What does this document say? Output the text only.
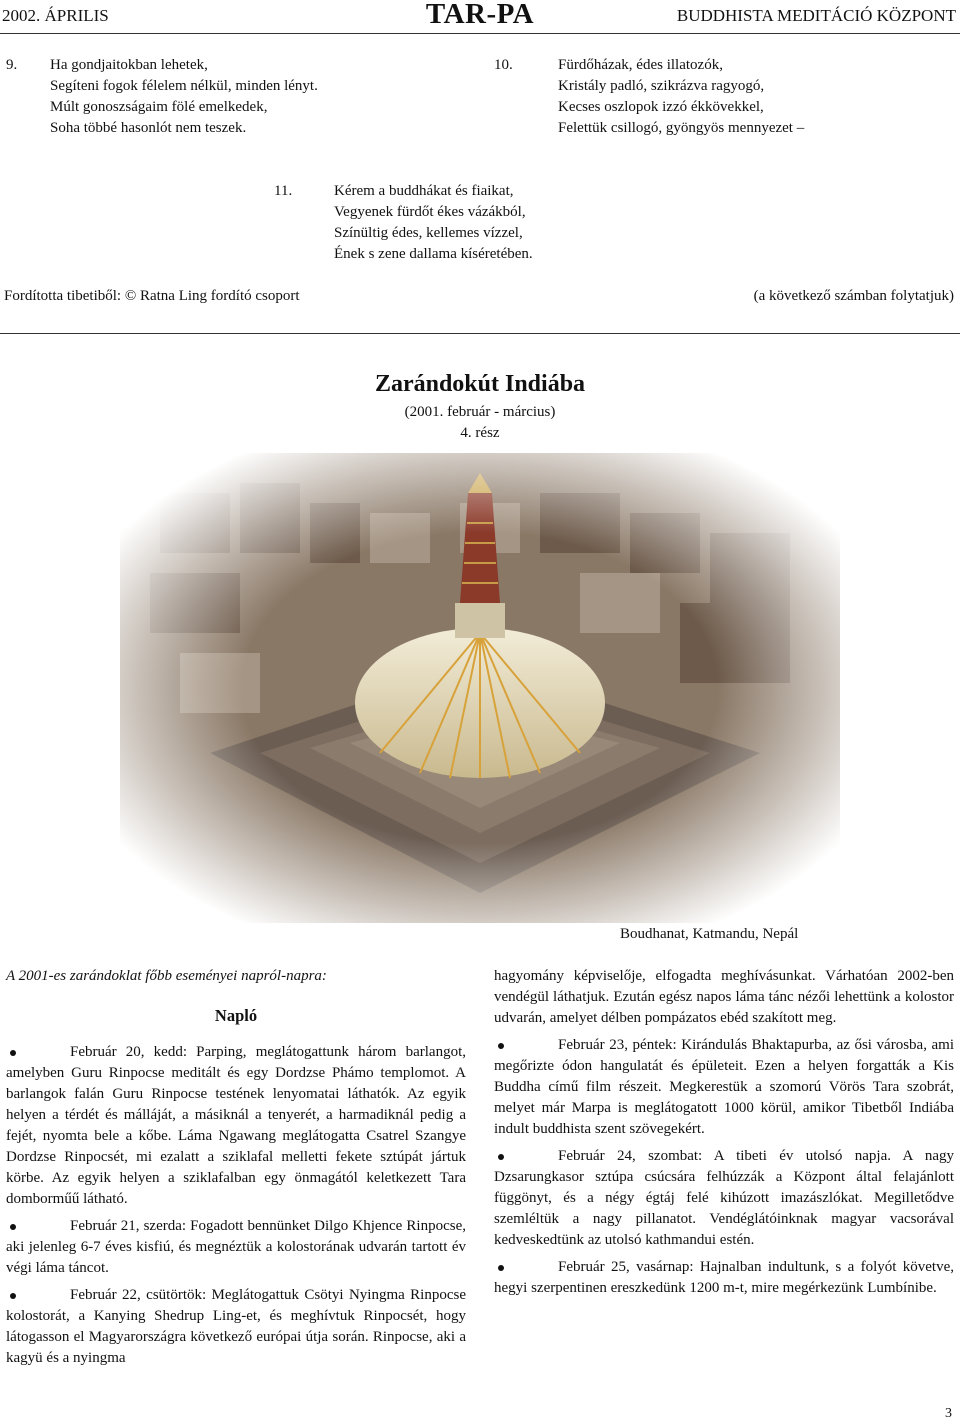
2002. ÁPRILIS	TAR-PA	BUDDHISTA MEDITÁCIÓ KÖZPONT
9. Ha gondjaitokban lehetek,
Segíteni fogok félelem nélkül, minden lényt.
Múlt gonoszságaim fölé emelkedek,
Soha többé hasonlót nem teszek.
10.	Fürdőházak, édes illatozók,
Kristály padló, szikrázva ragyogó,
Kecses oszlopok izzó ékkövekkel,
Felettük csillogó, gyöngyös mennyezet –
11.	Kérem a buddhákat és fiaikat,
Vegyenek fürdőt ékes vázákból,
Színültig édes, kellemes vízzel,
Ének s zene dallama kíséretében.
Fordította tibetiből: © Ratna Ling fordító csoport	(a következő számban folytatjuk)
Zarándokút Indiába
(2001. február - március)
4. rész
Boudhanat, Katmandu, Nepál

A 2001-es zarándoklat főbb eseményei napról-napra:

Napló

Február 20, kedd: Parping, meglátogattunk három barlangot, amelyben Guru Rinpocse meditált és egy Dordzse Phámo templomot. A barlangok falán Guru Rinpocse testének lenyomatai láthatók. Az egyik helyen a térdét és málláját, a másiknál a tenyerét, a harmadiknál pedig a fejét, nyomta bele a kőbe. Láma Ngawang meglátogatta Csatrel Szangye Dordzse Rinpocsét, mi ezalatt a sziklafal melletti fekete sztúpát jártuk körbe. Az egyik helyen a sziklafalban egy önmagától keletkezett Tara domborműű látható.
Február 21, szerda: Fogadott bennünket Dilgo Khjence Rinpocse, aki jelenleg 6-7 éves kisfiú, és megnéztük a kolostorának udvarán tartott év végi láma táncot.
Február 22, csütörtök: Meglátogattuk Csötyi Nyingma Rinpocse kolostorát, a Kanying Shedrup Ling-et, és meghívtuk Rinpocsét, hogy látogasson el Magyarországra következő európai útja során. Rinpocse, aki a kagyü és a nyingma

hagyomány képviselője, elfogadta meghívásunkat. Várhatóan 2002-ben vendégül láthatjuk. Ezután egész napos láma tánc nézői lehettünk a kolostor udvarán, amelyet délben pompázatos ebéd szakított meg.

Február 23, péntek: Kirándulás Bhaktapurba, az ősi városba, ami megőrizte ódon hangulatát és épületeit. Ezen a helyen forgatták a Kis Buddha című film részeit. Megkerestük a szomorú Vörös Tara szobrát, melyet már Marpa is meglátogatott 1000 körül, amikor Tibetből Indiába indult buddhista szent szövegekért.
Február 24, szombat: A tibeti év utolsó napja. A nagy Dzsarungkasor sztúpa csúcsára felhúzzák a Központ által felajánlott függönyt, és a négy égtáj felé kihúzott imazászlókat. Megilletődve szemléltük a nagy pillanatot. Vendéglátóinknak magyar vacsorával kedveskedtünk az utolsó kathmandui estén.
Február 25, vasárnap: Hajnalban indultunk, s a folyót követve, hegyi szerpentinen ereszkedünk 1200 m-t, mire megérkezünk Lumbínibe.
3
